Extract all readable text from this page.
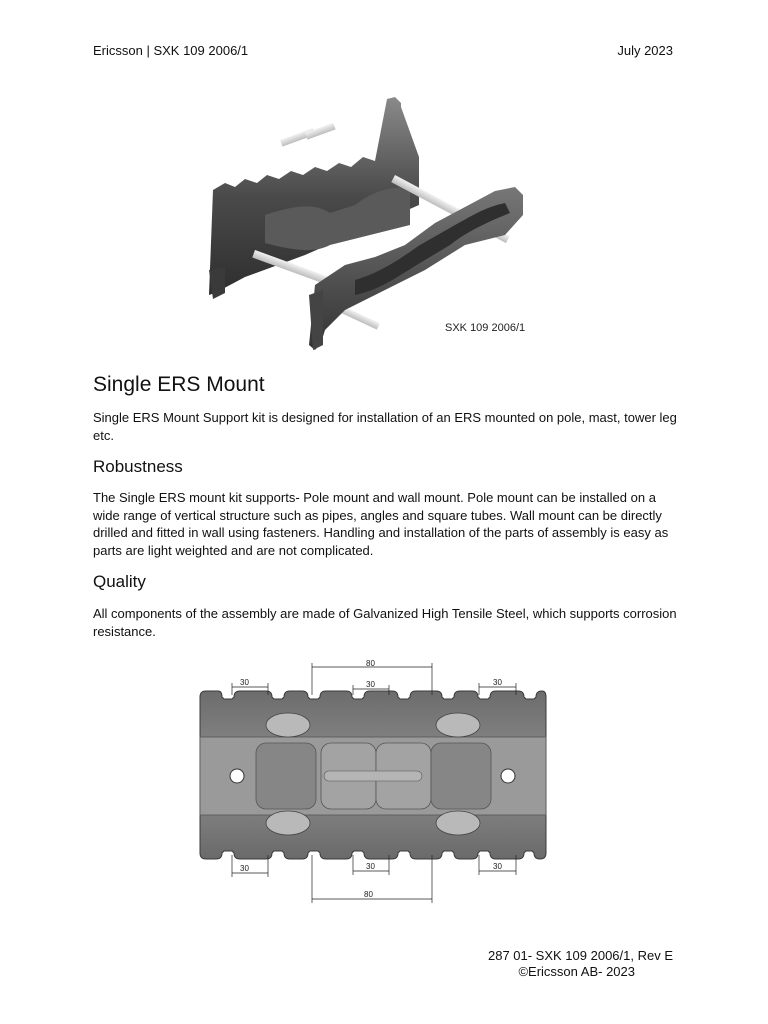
Ericsson | SXK 109 2006/1	July 2023
SXK 109 2006/1
Single ERS Mount

Single ERS Mount Support kit is designed for installation of an ERS mounted on pole, mast, tower leg etc.

Robustness

The Single ERS mount kit supports- Pole mount and wall mount. Pole mount can be installed on a wide range of vertical structure such as pipes, angles and square tubes. Wall mount can be directly drilled and fitted in wall using fasteners. Handling and installation of the parts of assembly is easy as parts are light weighted and are not complicated.

Quality

All components of the assembly are made of Galvanized High Tensile Steel, which supports corrosion resistance.

80
30	30	30
30	30	30
80
287 01- SXK 109 2006/1, Rev E
©Ericsson AB- 2023
